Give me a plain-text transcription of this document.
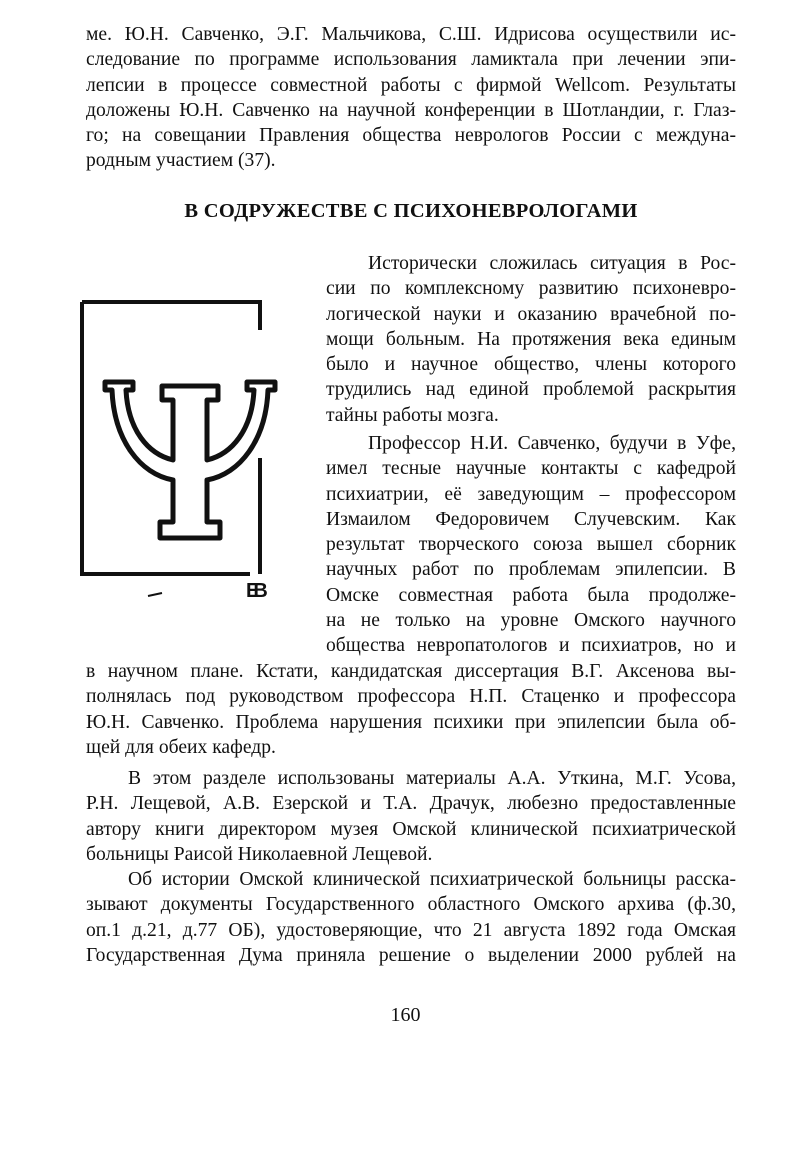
ме. Ю.Н. Савченко, Э.Г. Мальчикова, С.Ш. Идрисова осуществили ис-
следование по программе использования ламиктала при лечении эпи-
лепсии в процессе совместной работы с фирмой Wellcom. Результаты
доложены Ю.Н. Савченко на научной конференции в Шотландии, г. Глаз-
го; на совещании Правления общества неврологов России с междуна-
родным участием (37).
В СОДРУЖЕСТВЕ С ПСИХОНЕВРОЛОГАМИ
ЕВ
Исторически сложилась ситуация в Рос-
сии по комплексному развитию психоневро-
логической науки и оказанию врачебной по-
мощи больным. На протяжения века единым
было и научное общество, члены которого
трудились над единой проблемой раскрытия
тайны работы мозга.
Профессор Н.И. Савченко, будучи в Уфе,
имел тесные научные контакты с кафедрой
психиатрии, её заведующим – профессором
Измаилом Федоровичем Случевским. Как
результат творческого союза вышел сборник
научных работ по проблемам эпилепсии. В
Омске совместная работа была продолже-
на не только на уровне Омского научного
общества невропатологов и психиатров, но и
в научном плане. Кстати, кандидатская диссертация В.Г. Аксенова вы-
полнялась под руководством профессора Н.П. Стаценко и профессора
Ю.Н. Савченко. Проблема нарушения психики при эпилепсии была об-
щей для обеих кафедр.
В этом разделе использованы материалы А.А. Уткина, М.Г. Усова,
Р.Н. Лещевой, А.В. Езерской и Т.А. Драчук, любезно предоставленные
автору книги директором музея Омской клинической психиатрической
больницы Раисой Николаевной Лещевой.
Об истории Омской клинической психиатрической больницы расска-
зывают документы Государственного областного Омского архива (ф.30,
оп.1 д.21, д.77 ОБ), удостоверяющие, что 21 августа 1892 года Омская
Государственная Дума приняла решение о выделении 2000 рублей на
160
